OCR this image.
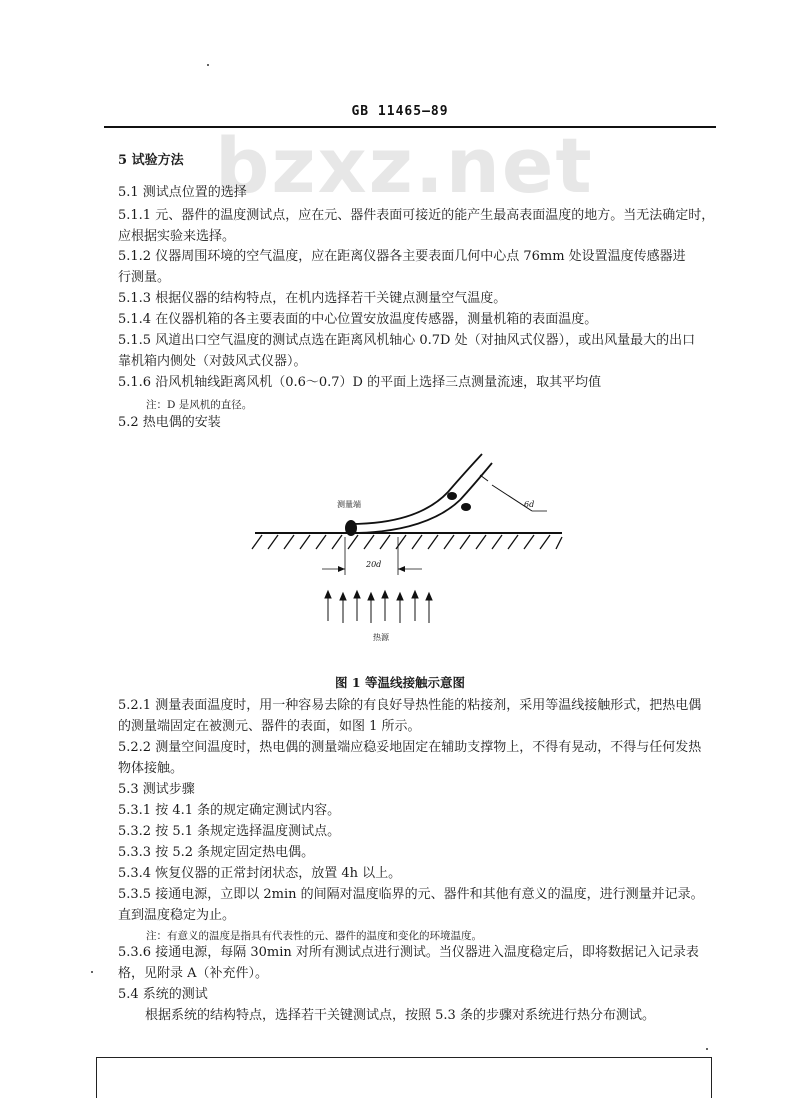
bzxz.net
GB 11465—89
5 试验方法
5.1 测试点位置的选择
5.1.1 元、器件的温度测试点，应在元、器件表面可接近的能产生最高表面温度的地方。当无法确定时，
应根据实验来选择。
5.1.2 仪器周围环境的空气温度，应在距离仪器各主要表面几何中心点 76mm 处设置温度传感器进
行测量。
5.1.3 根据仪器的结构特点，在机内选择若干关键点测量空气温度。
5.1.4 在仪器机箱的各主要表面的中心位置安放温度传感器，测量机箱的表面温度。
5.1.5 风道出口空气温度的测试点选在距离风机轴心 0.7D 处（对抽风式仪器），或出风量最大的出口
靠机箱内侧处（对鼓风式仪器）。
5.1.6 沿风机轴线距离风机（0.6～0.7）D 的平面上选择三点测量流速，取其平均值
注：D 是风机的直径。
5.2 热电偶的安装
6d
测量端
20d
热源
图 1 等温线接触示意图
5.2.1 测量表面温度时，用一种容易去除的有良好导热性能的粘接剂，采用等温线接触形式，把热电偶
的测量端固定在被测元、器件的表面，如图 1 所示。
5.2.2 测量空间温度时，热电偶的测量端应稳妥地固定在辅助支撑物上，不得有晃动，不得与任何发热
物体接触。
5.3 测试步骤
5.3.1 按 4.1 条的规定确定测试内容。
5.3.2 按 5.1 条规定选择温度测试点。
5.3.3 按 5.2 条规定固定热电偶。
5.3.4 恢复仪器的正常封闭状态，放置 4h 以上。
5.3.5 接通电源，立即以 2min 的间隔对温度临界的元、器件和其他有意义的温度，进行测量并记录。
直到温度稳定为止。
注：有意义的温度是指具有代表性的元、器件的温度和变化的环境温度。
5.3.6 接通电源，每隔 30min 对所有测试点进行测试。当仪器进入温度稳定后，即将数据记入记录表
格，见附录 A（补充件）。
5.4 系统的测试
根据系统的结构特点，选择若干关键测试点，按照 5.3 条的步骤对系统进行热分布测试。
